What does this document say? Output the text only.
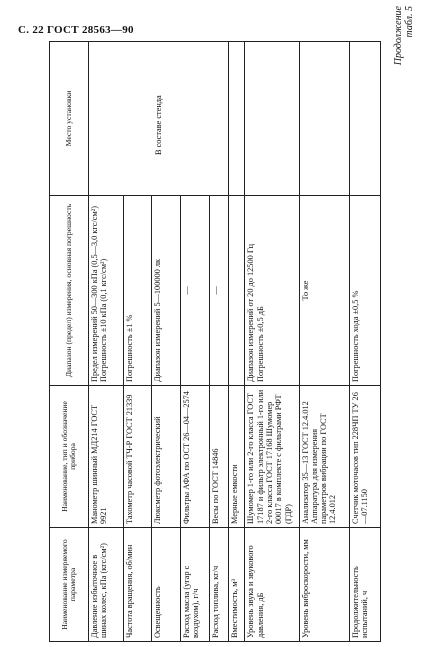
С. 22 ГОСТ 28563—90	Продолжение табл. 5
Наименование измеряемого параметра	Наименование, тип и обозначение прибора	Диапазон (предел) измерения, основная погрешность	Место установки
Давление избыточное в шинах колес, кПа (кгс/см²)	Манометр шинный МД214 ГОСТ 9921	Предел измерений 50—300 кПа (0,5—3,0 кгс/см²) Погрешность ±10 кПа (0,1 кгс/см²)	В составе стенда
Частота вращения, об/мин	Тахометр часовой ТЧ-Р ГОСТ 21339	Погрешность ±1 %	
Освещенность	Люксметр фотоэлектрический	Диапазон измерений 5—100000 лк	
Расход масла (угар с воздухом), г/ч	Фильтры АФА по ОСТ 26—04—2574	—	
Расход топлива, кг/ч	Весы по ГОСТ 14846	—	
Вместимость, м³	Мерные емкости		
Уровень звука и звукового давления, дБ	Шумомер 1-го или 2-го класса ГОСТ 17187 и фильтр электронный 1-го или 2-го класса ГОСТ 17168 Шумомер 00017 в комплекте с фильтрами РФТ (ГДР)	Диапазон измерений от 20 до 12500 Гц Погрешность ±0,5 дБ	
Уровень виброскорости, мм	Анализатор 35—13 ГОСТ 12.4.012 Аппаратура для измерения параметров вибрации по ГОСТ 12.4.012	То же	
Продолжительность испытаний, ч	Счетчик моточасов тип 228ЧП ТУ 26—07.1150	Погрешность хода ±0,5 %	
